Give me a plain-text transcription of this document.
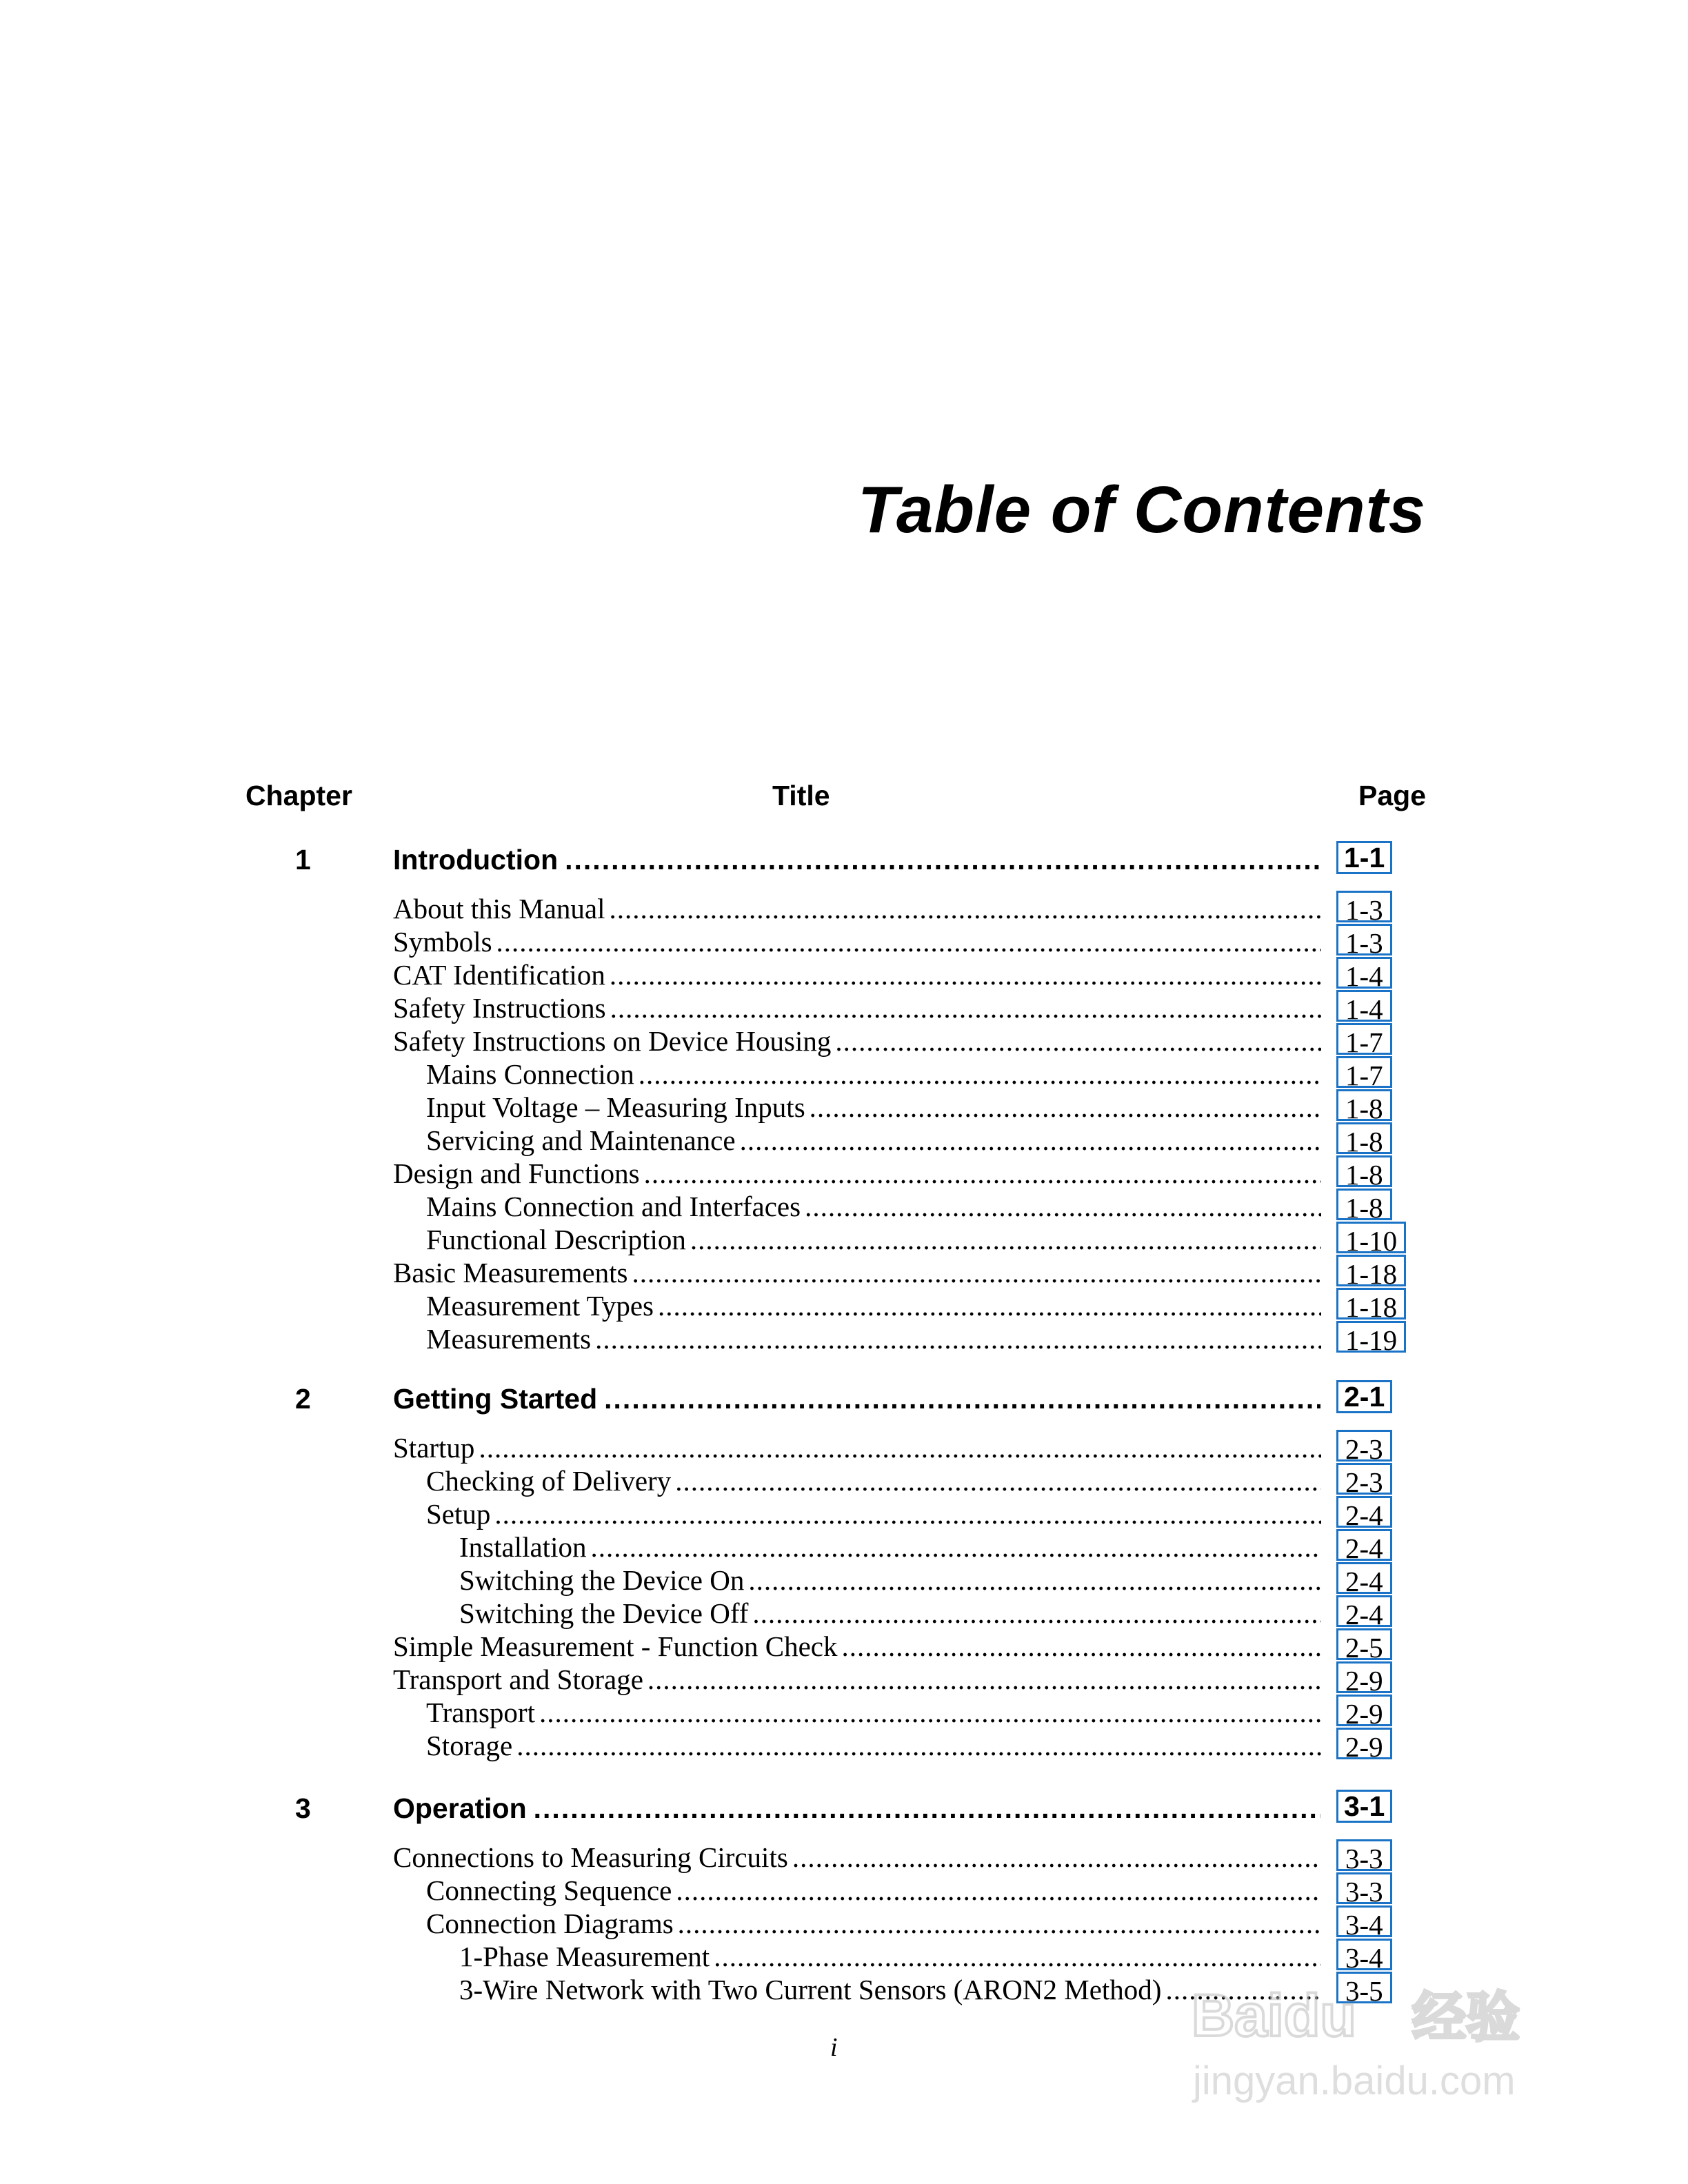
Table of Contents
Chapter	Title	Page
1	Introduction .....	1-1
About this Manual .....	1-3
Symbols .....	1-3
CAT Identification .....	1-4
Safety Instructions .....	1-4
Safety Instructions on Device Housing .....	1-7
Mains Connection .....	1-7
Input Voltage – Measuring Inputs .....	1-8
Servicing and Maintenance .....	1-8
Design and Functions .....	1-8
Mains Connection and Interfaces .....	1-8
Functional Description .....	1-10
Basic Measurements .....	1-18
Measurement Types .....	1-18
Measurements .....	1-19
2	Getting Started .....	2-1
Startup .....	2-3
Checking of Delivery .....	2-3
Setup .....	2-4
Installation .....	2-4
Switching the Device On .....	2-4
Switching the Device Off .....	2-4
Simple Measurement - Function Check .....	2-5
Transport and Storage .....	2-9
Transport .....	2-9
Storage .....	2-9
3	Operation .....	3-1
Connections to Measuring Circuits .....	3-3
Connecting Sequence .....	3-3
Connection Diagrams .....	3-4
1-Phase Measurement .....	3-4
3-Wire Network with Two Current Sensors (ARON2 Method) .....	3-5
i	Baidu 经验
jingyan.baidu.com
